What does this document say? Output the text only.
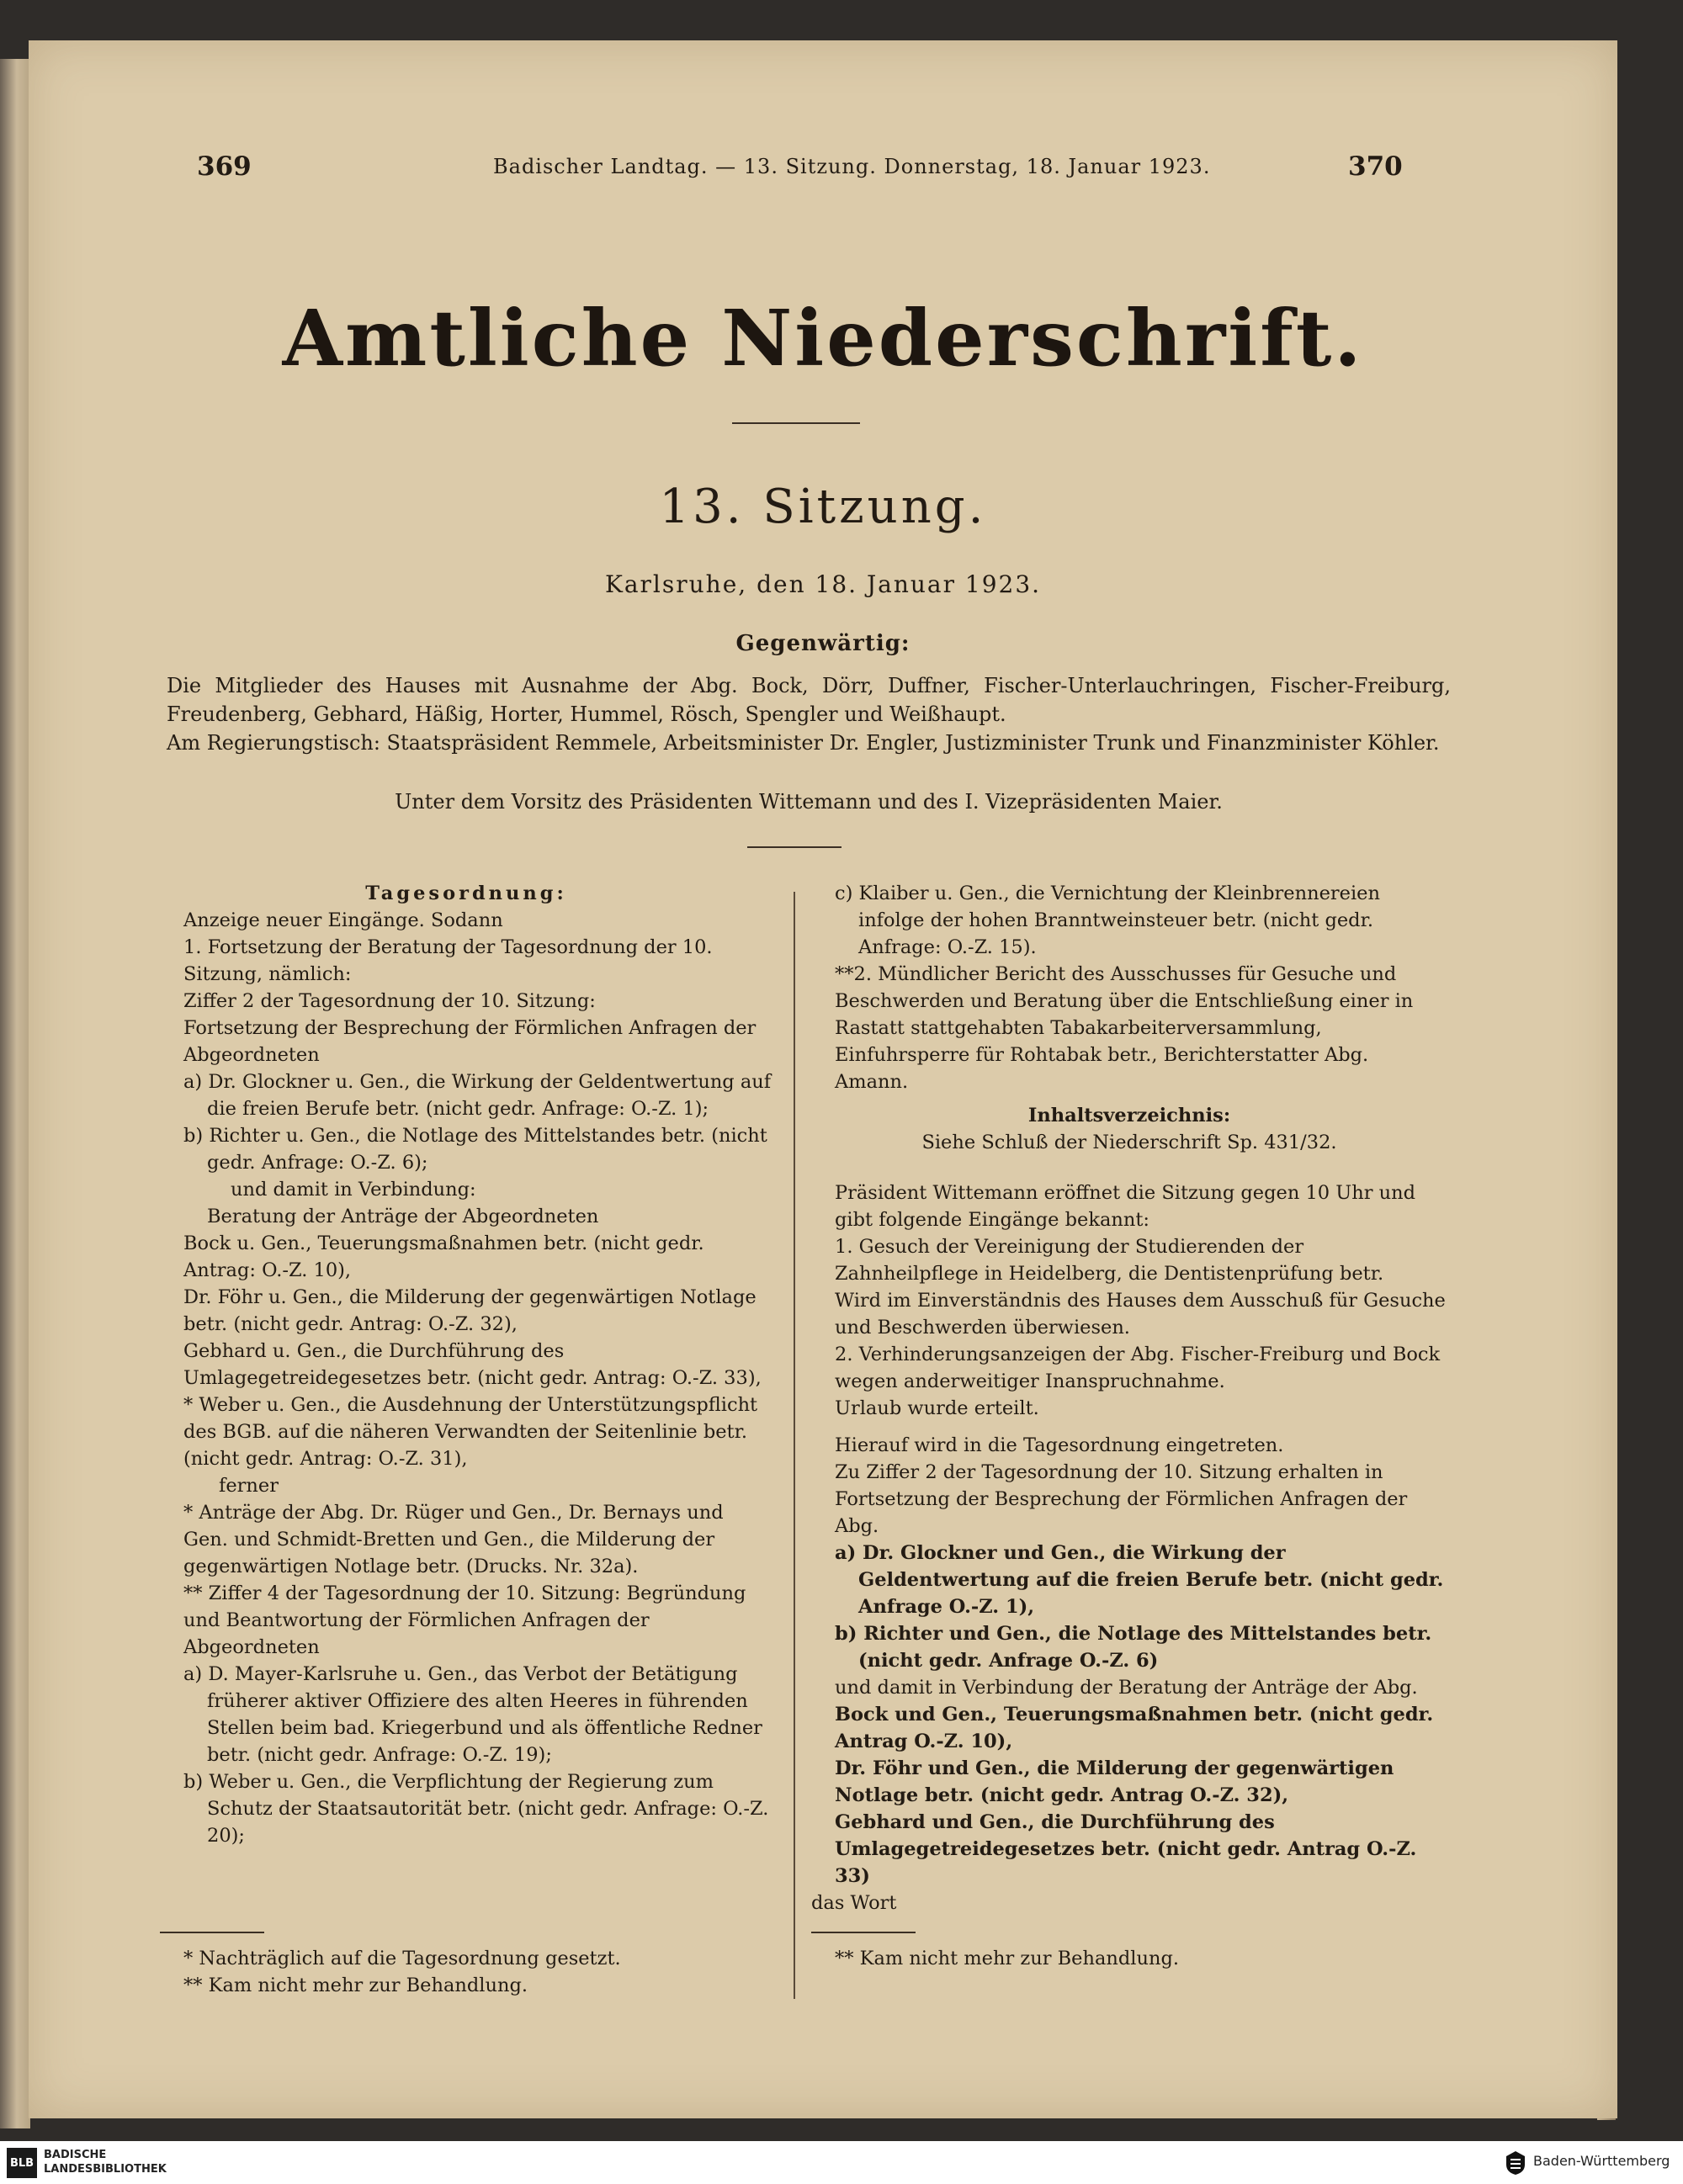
369	Badischer Landtag. — 13. Sitzung. Donnerstag, 18. Januar 1923.	370
Amtliche Niederschrift.
13. Sitzung.
Karlsruhe, den 18. Januar 1923.
Gegenwärtig:
Die Mitglieder des Hauses mit Ausnahme der Abg. Bock, Dörr, Duffner, Fischer-Unterlauchringen, Fischer-Freiburg, Freudenberg, Gebhard, Häßig, Horter, Hummel, Rösch, Spengler und Weißhaupt.
Am Regierungstisch: Staatspräsident Remmele, Arbeitsminister Dr. Engler, Justizminister Trunk und Finanzminister Köhler.
Unter dem Vorsitz des Präsidenten Wittemann und des I. Vizepräsidenten Maier.

Tagesordnung:

Anzeige neuer Eingänge. Sodann

1. Fortsetzung der Beratung der Tagesordnung der 10. Sitzung, nämlich:

Ziffer 2 der Tagesordnung der 10. Sitzung:

Fortsetzung der Besprechung der Förmlichen Anfragen der Abgeordneten

a) Dr. Glockner u. Gen., die Wirkung der Geldentwertung auf die freien Berufe betr. (nicht gedr. Anfrage: O.-Z. 1);

b) Richter u. Gen., die Notlage des Mittelstandes betr. (nicht gedr. Anfrage: O.-Z. 6);

und damit in Verbindung:

Beratung der Anträge der Abgeordneten

Bock u. Gen., Teuerungsmaßnahmen betr. (nicht gedr. Antrag: O.-Z. 10),

Dr. Föhr u. Gen., die Milderung der gegenwärtigen Notlage betr. (nicht gedr. Antrag: O.-Z. 32),

Gebhard u. Gen., die Durchführung des Umlagegetreidegesetzes betr. (nicht gedr. Antrag: O.-Z. 33),

* Weber u. Gen., die Ausdehnung der Unterstützungspflicht des BGB. auf die näheren Verwandten der Seitenlinie betr. (nicht gedr. Antrag: O.-Z. 31),

ferner

* Anträge der Abg. Dr. Rüger und Gen., Dr. Bernays und Gen. und Schmidt-Bretten und Gen., die Milderung der gegenwärtigen Notlage betr. (Drucks. Nr. 32a).

** Ziffer 4 der Tagesordnung der 10. Sitzung: Begründung und Beantwortung der Förmlichen Anfragen der Abgeordneten

a) D. Mayer-Karlsruhe u. Gen., das Verbot der Betätigung früherer aktiver Offiziere des alten Heeres in führenden Stellen beim bad. Kriegerbund und als öffentliche Redner betr. (nicht gedr. Anfrage: O.-Z. 19);

b) Weber u. Gen., die Verpflichtung der Regierung zum Schutz der Staatsautorität betr. (nicht gedr. Anfrage: O.-Z. 20);

* Nachträglich auf die Tagesordnung gesetzt.

** Kam nicht mehr zur Behandlung.

c) Klaiber u. Gen., die Vernichtung der Kleinbrennereien infolge der hohen Branntweinsteuer betr. (nicht gedr. Anfrage: O.-Z. 15).

**2. Mündlicher Bericht des Ausschusses für Gesuche und Beschwerden und Beratung über die Entschließung einer in Rastatt stattgehabten Tabakarbeiterversammlung, Einfuhrsperre für Rohtabak betr., Berichterstatter Abg. Amann.

Inhaltsverzeichnis:

Siehe Schluß der Niederschrift Sp. 431/32.

Präsident Wittemann eröffnet die Sitzung gegen 10 Uhr und gibt folgende Eingänge bekannt:

1. Gesuch der Vereinigung der Studierenden der Zahnheilpflege in Heidelberg, die Dentistenprüfung betr.

Wird im Einverständnis des Hauses dem Ausschuß für Gesuche und Beschwerden überwiesen.

2. Verhinderungsanzeigen der Abg. Fischer-Freiburg und Bock wegen anderweitiger Inanspruchnahme.

Urlaub wurde erteilt.

Hierauf wird in die Tagesordnung eingetreten.

Zu Ziffer 2 der Tagesordnung der 10. Sitzung erhalten in Fortsetzung der Besprechung der Förmlichen Anfragen der Abg.

a) Dr. Glockner und Gen., die Wirkung der Geldentwertung auf die freien Berufe betr. (nicht gedr. Anfrage O.-Z. 1),

b) Richter und Gen., die Notlage des Mittelstandes betr. (nicht gedr. Anfrage O.-Z. 6)

und damit in Verbindung der Beratung der Anträge der Abg.

Bock und Gen., Teuerungsmaßnahmen betr. (nicht gedr. Antrag O.-Z. 10),

Dr. Föhr und Gen., die Milderung der gegenwärtigen Notlage betr. (nicht gedr. Antrag O.-Z. 32),

Gebhard und Gen., die Durchführung des Umlagegetreidegesetzes betr. (nicht gedr. Antrag O.-Z. 33)

das Wort

** Kam nicht mehr zur Behandlung.

BLB
BADISCHE
LANDESBIBLIOTHEK
Baden-Württemberg
